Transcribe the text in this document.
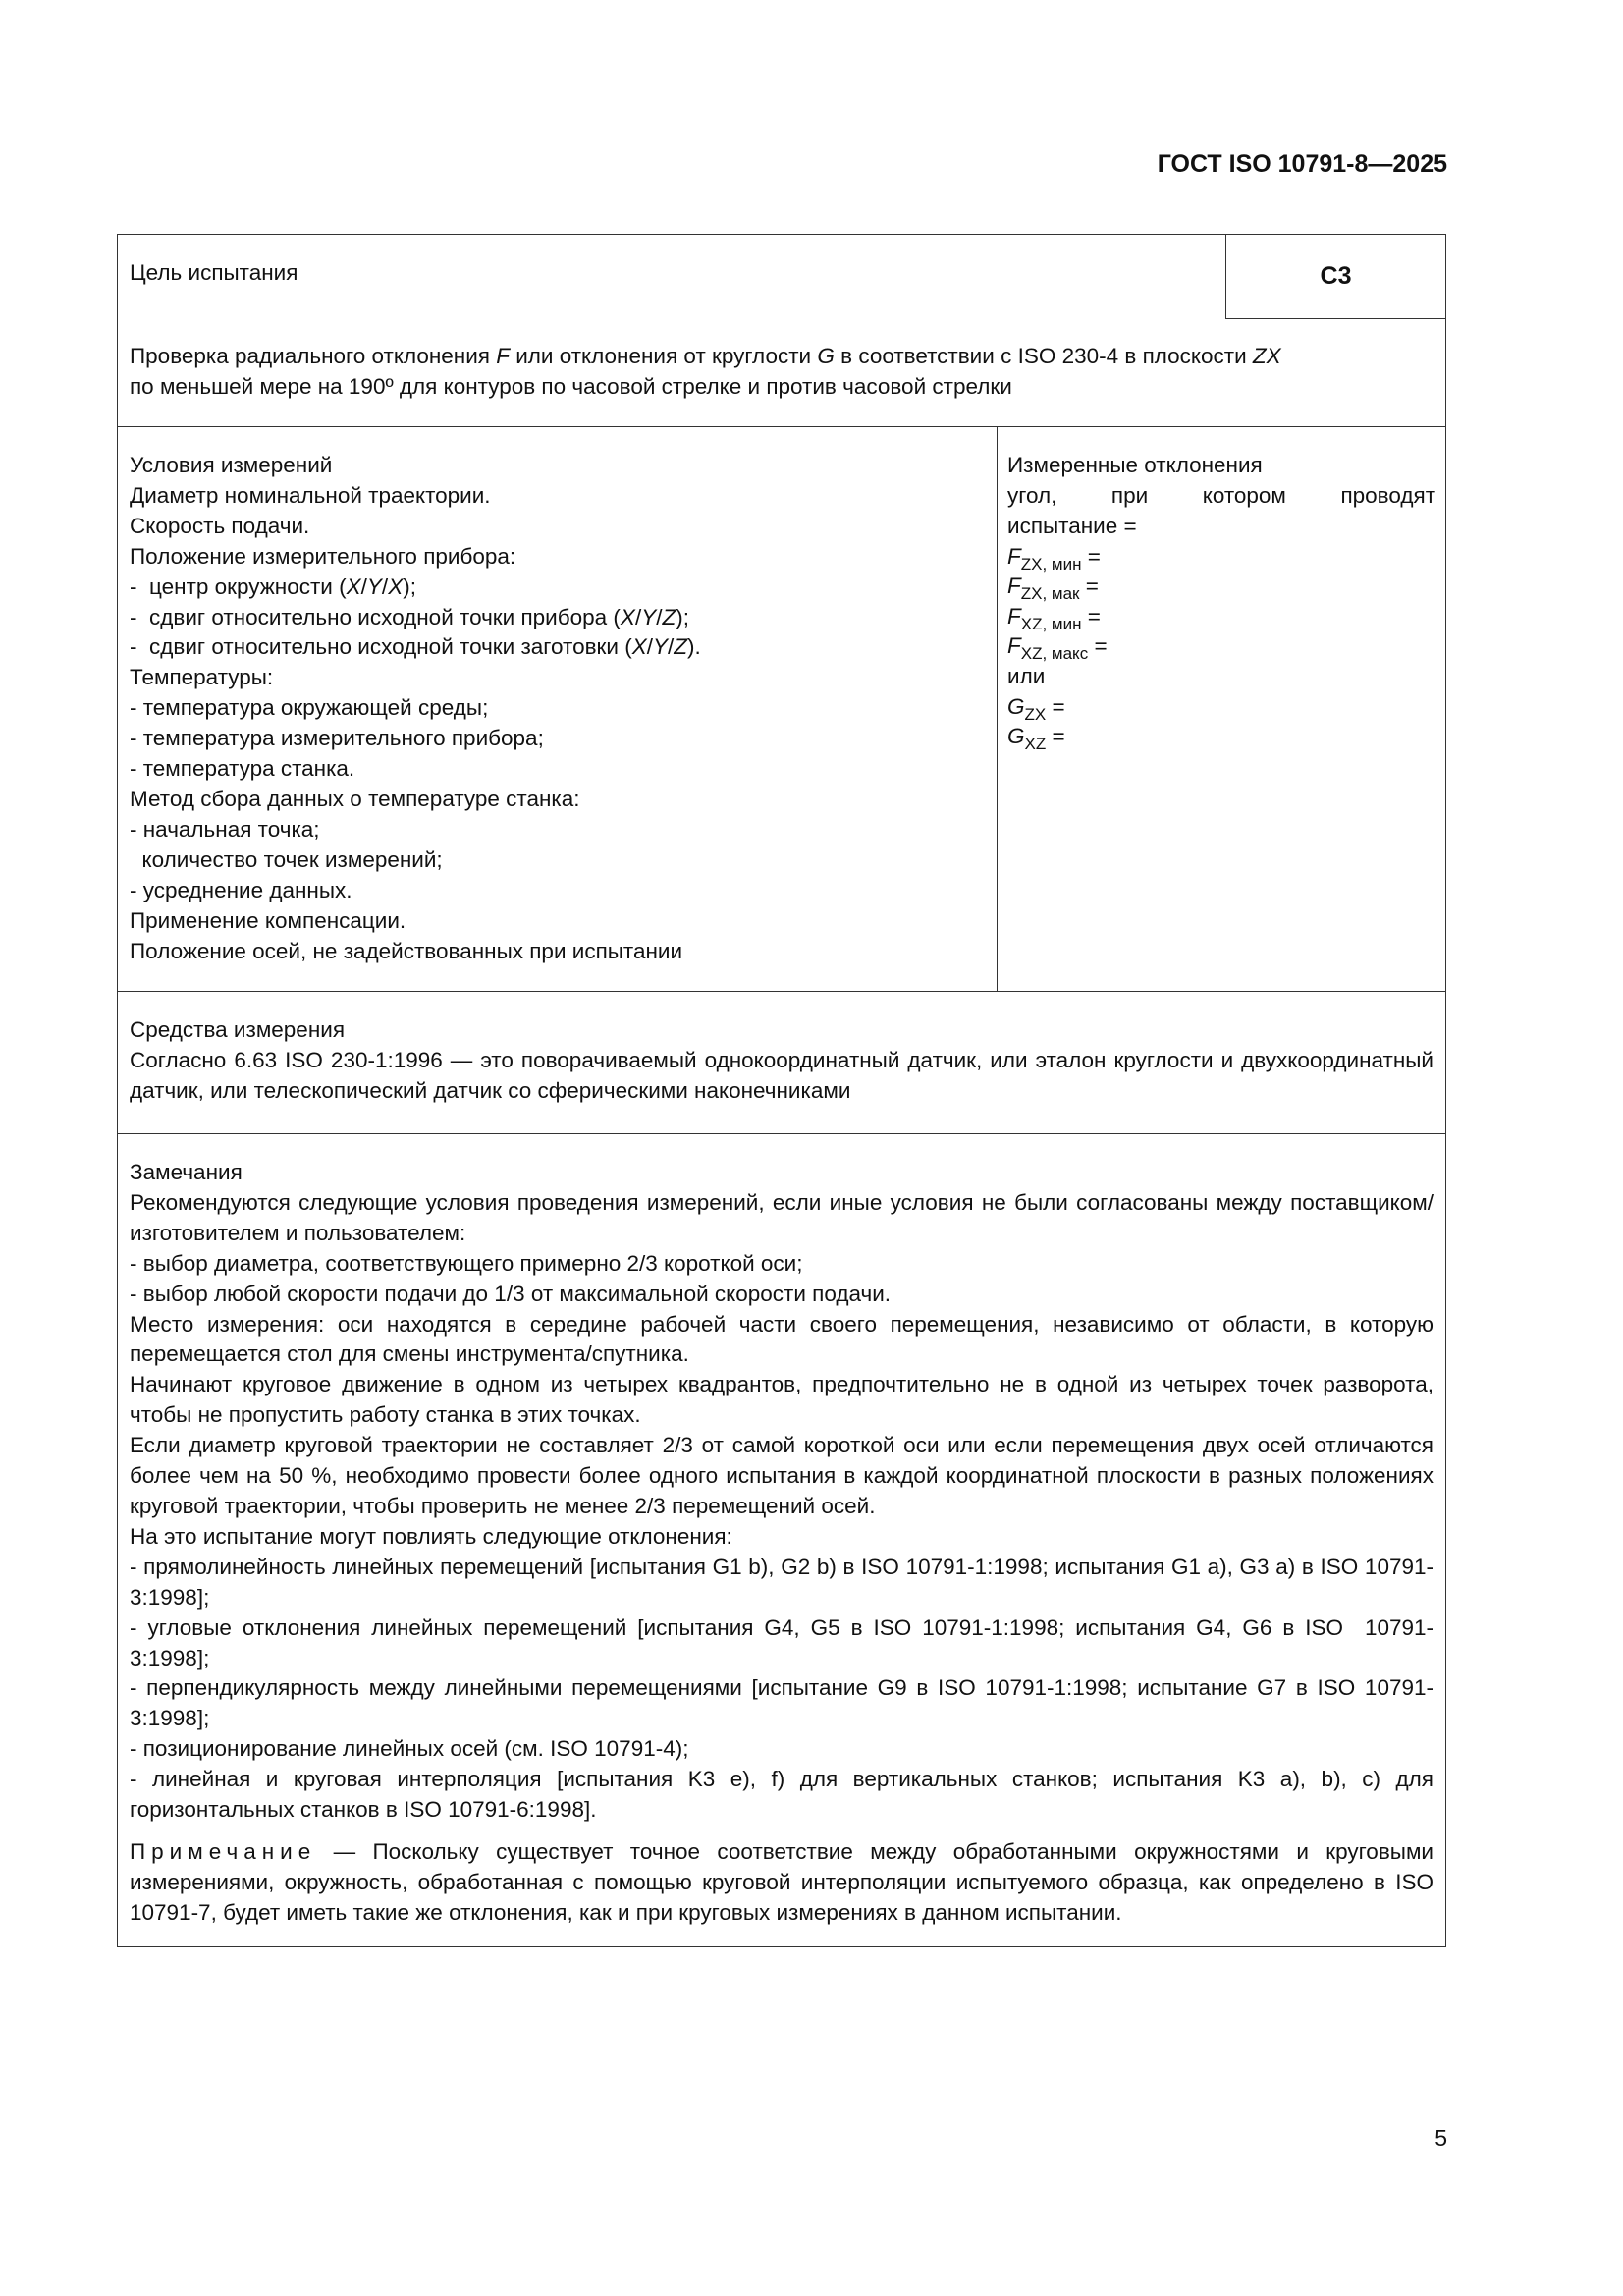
ГОСТ ISO 10791-8—2025
Цель испытания	C3
Проверка радиального отклонения F или отклонения от круглости G в соответствии с ISO 230-4 в плоскости ZX
по меньшей мере на 190º для контуров по часовой стрелке и против часовой стрелки
Условия измерений
Диаметр номинальной траектории.
Скорость подачи.
Положение измерительного прибора:
-  центр окружности (X/Y/X);
-  сдвиг относительно исходной точки прибора (X/Y/Z);
-  сдвиг относительно исходной точки заготовки (X/Y/Z).
Температуры:
- температура окружающей среды;
- температура измерительного прибора;
- температура станка.
Метод сбора данных о температуре станка:
- начальная точка;
количество точек измерений;
- усреднение данных.
Применение компенсации.
Положение осей, не задействованных при испытании
Измеренные отклонения
угол, при котором проводят
испытание =
$F_{ZX, мин}$ =
$F_{ZX, мак}$ =
$F_{XZ, мин}$ =
$F_{XZ, макс}$ =
или
$G_{ZX}$ =
$G_{XZ}$ =
Средства измерения
Согласно 6.63 ISO 230-1:1996 — это поворачиваемый однокоординатный датчик, или эталон круглости и двухкоординатный датчик, или телескопический датчик со сферическими наконечниками
Замечания
Рекомендуются следующие условия проведения измерений, если иные условия не были согласованы между поставщиком/изготовителем и пользователем:
- выбор диаметра, соответствующего примерно 2/3 короткой оси;
- выбор любой скорости подачи до 1/3 от максимальной скорости подачи.
Место измерения: оси находятся в середине рабочей части своего перемещения, независимо от области, в которую перемещается стол для смены инструмента/спутника.
Начинают круговое движение в одном из четырех квадрантов, предпочтительно не в одной из четырех точек разворота, чтобы не пропустить работу станка в этих точках.
Если диаметр круговой траектории не составляет 2/3 от самой короткой оси или если перемещения двух осей отличаются более чем на 50 %, необходимо провести более одного испытания в каждой координатной плоскости в разных положениях круговой траектории, чтобы проверить не менее 2/3 перемещений осей.
На это испытание могут повлиять следующие отклонения:
- прямолинейность линейных перемещений [испытания G1 b), G2 b) в ISO 10791-1:1998; испытания G1 a), G3 a) в ISO 10791-3:1998];
- угловые отклонения линейных перемещений [испытания G4, G5 в ISO 10791-1:1998; испытания G4, G6 в ISO  10791-3:1998];
- перпендикулярность между линейными перемещениями [испытание G9 в ISO 10791-1:1998; испытание G7 в ISO 10791-3:1998];
- позиционирование линейных осей (см. ISO 10791-4);
- линейная и круговая интерполяция [испытания K3 e), f) для вертикальных станков; испытания K3 a), b), c) для горизонтальных станков в ISO 10791-6:1998].
Примечание — Поскольку существует точное соответствие между обработанными окружностями и круговыми измерениями, окружность, обработанная с помощью круговой интерполяции испытуемого образца, как определено в ISO 10791-7, будет иметь такие же отклонения, как и при круговых измерениях в данном испытании.
5
